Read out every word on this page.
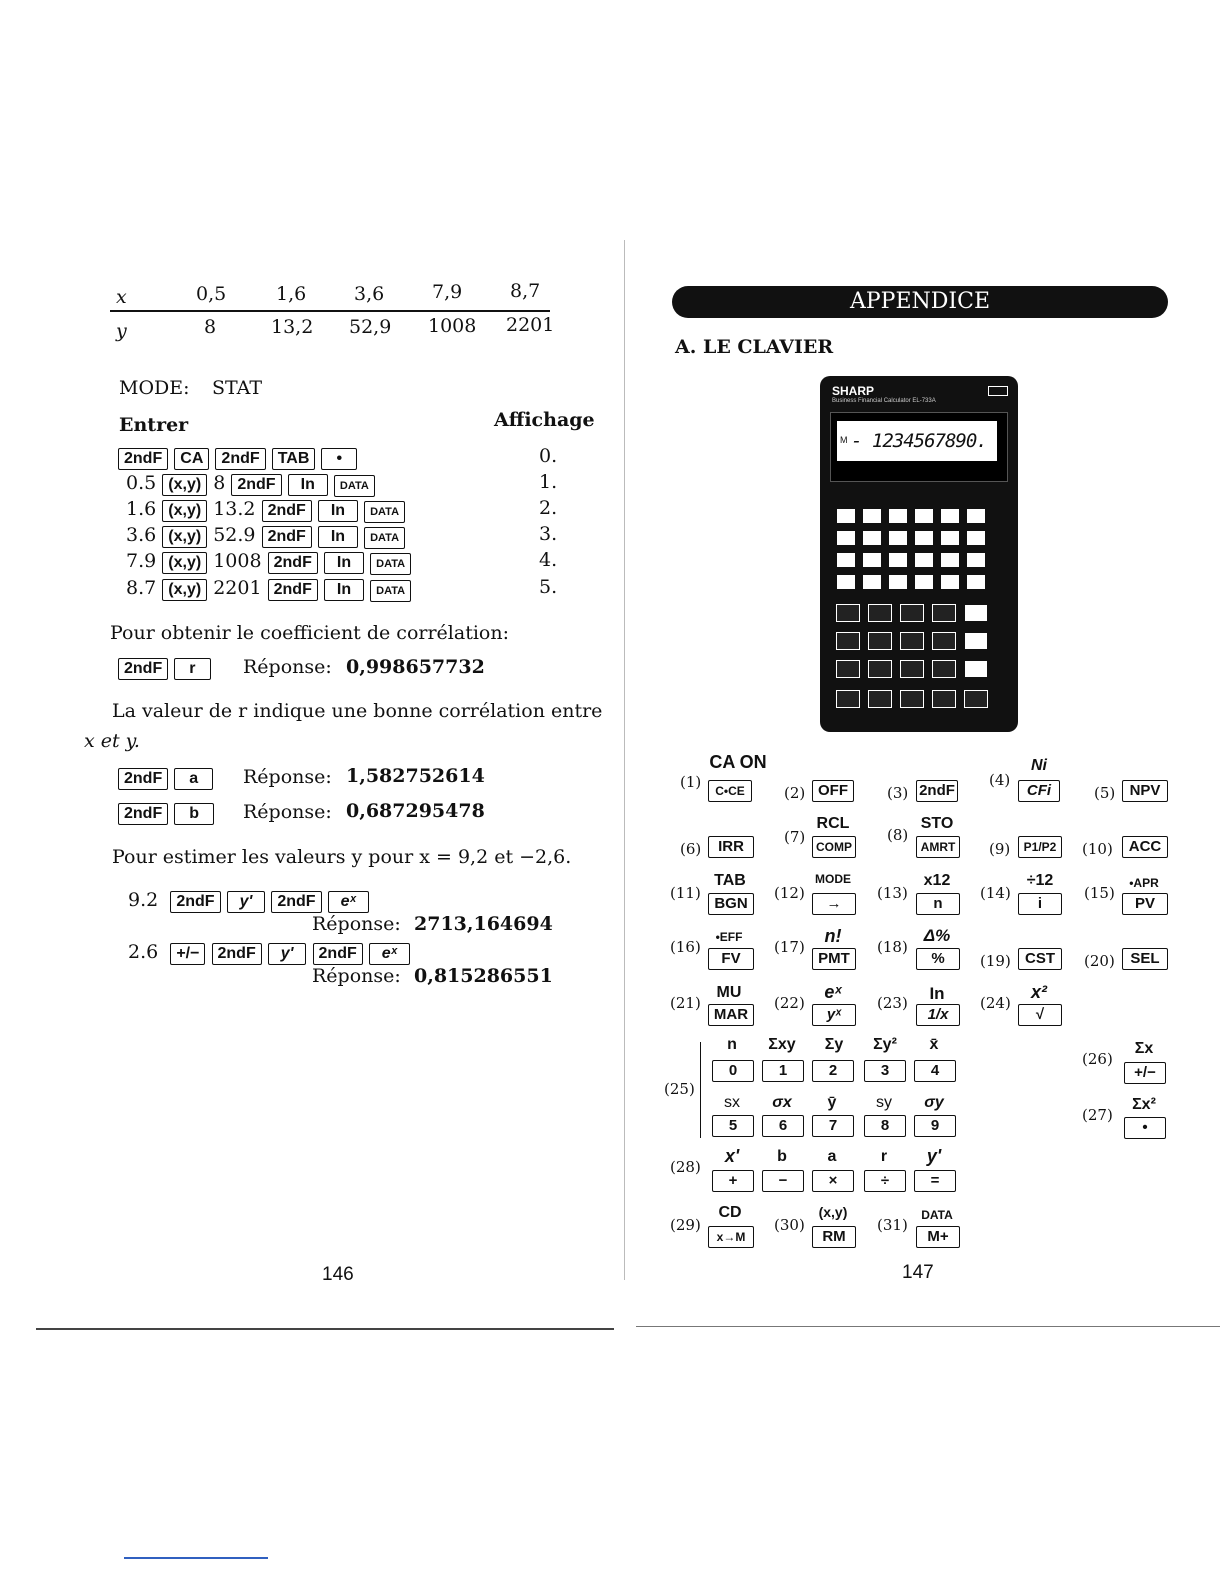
x	0,5	1,6	3,6	7,9	8,7
y	8	13,2 52,9 1008 2201
MODE: STAT
Entrer	Affichage
2ndF CA 2ndF TAB •	0.
0.5 (x,y) 8 2ndF In DATA	1.
1.6 (x,y) 13.2 2ndF In DATA	2.
3.6 (x,y) 52.9 2ndF In DATA	3.
7.9 (x,y) 1008 2ndF In DATA	4.
8.7 (x,y) 2201 2ndF In DATA	5.
Pour obtenir le coefficient de corrélation:
2ndF r	Réponse: 0,998657732
La valeur de r indique une bonne corrélation entre
x et y.
2ndF a	Réponse: 1,582752614
2ndF b	Réponse: 0,687295478
Pour estimer les valeurs y pour x = 9,2 et −2,6.
9.2 2ndF y' 2ndF eˣ
Réponse: 2713,164694
2.6 +/− 2ndF y' 2ndF eˣ
Réponse: 0,815286551
146
APPENDICE
A. LE CLAVIER
SHARP
Business Financial Calculator EL-733A
M - 1234567890.
(1)
CA ON
C•CE	(2) OFF	(3) 2ndF
(4)
Ni
CFi	(5) NPV
(6)	IRR
(7)
RCL
COMP
(8)
STO
AMRT	(9)	P1/P2	(10)	ACC
(11)
TAB
BGN
(12)
MODE
→
(13)
x12
n
(14)
÷12
i
(15)
•APR
PV
(16)
•EFF
FV
(17)
n!
PMT
(18)
Δ%
%	(19) CST	(20)	SEL
(21)
MU
MAR
(22)
eˣ
yˣ
(23)	In
1/x
(24)
x²
√
(25)
n	Σxy	Σy	Σy²	x̄
0	1	2	3	4
sx	σx	ȳ	sy	σy
5	6	7	8	9
(26)
Σx
+/−
(27)
Σx²
•
(28)
x'	b	a	r	y'
+	−	×	÷	=
(29)
CD
x→M
(30)
(x,y)
RM
(31)
DATA
M+
147
